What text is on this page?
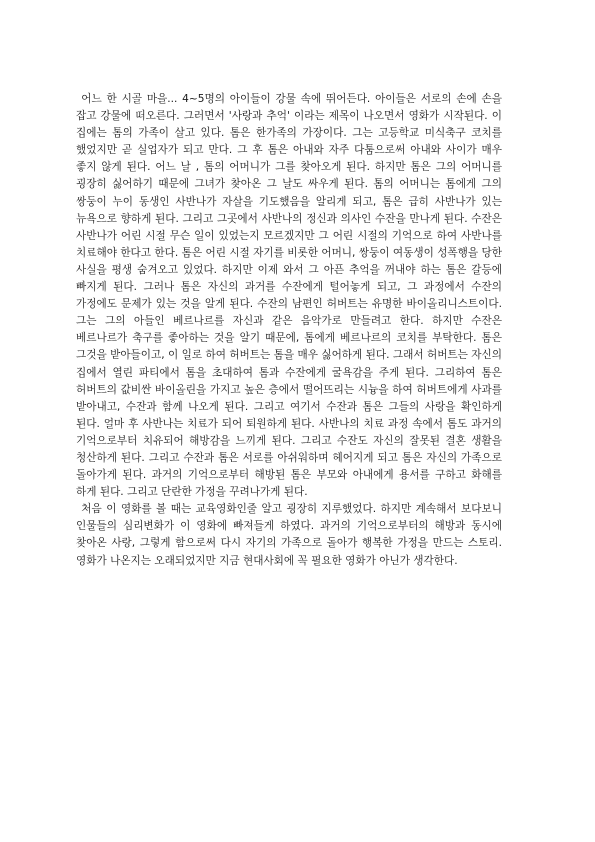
어느 한 시골 마을... 4~5명의 아이들이 강물 속에 뛰어든다. 아이들은 서로의 손에 손을 잡고 강물에 떠오른다. 그러면서 '사랑과 추억' 이라는 제목이 나오면서 영화가 시작된다. 이 집에는 톰의 가족이 살고 있다. 톰은 한가족의 가장이다. 그는 고등학교 미식축구 코치를 했었지만 곧 실업자가 되고 만다. 그 후 톰은 아내와 자주 다툼으로써 아내와 사이가 매우 좋지 않게 된다. 어느 날 , 톰의 어머니가 그를 찾아오게 된다. 하지만 톰은 그의 어머니를 굉장히 싫어하기 때문에 그녀가 찾아온 그 날도 싸우게 된다. 톰의 어머니는 톰에게 그의 쌍둥이 누이 동생인 사반나가 자살을 기도했음을 알리게 되고, 톰은 급히 사반나가 있는 뉴욕으로 향하게 된다. 그리고 그곳에서 사반나의 정신과 의사인 수잔을 만나게 된다. 수잔은 사반나가 어린 시절 무슨 일이 있었는지 모르겠지만 그 어린 시절의 기억으로 하여 사반나를 치료해야 한다고 한다. 톰은 어린 시절 자기를 비롯한 어머니, 쌍둥이 여동생이 성폭행을 당한 사실을 평생 숨겨오고 있었다. 하지만 이제 와서 그 아픈 추억을 꺼내야 하는 톰은 갈등에 빠지게 된다. 그러나 톰은 자신의 과거를 수잔에게 털어놓게 되고, 그 과정에서 수잔의 가정에도 문제가 있는 것을 알게 된다. 수잔의 남편인 허버트는 유명한 바이올리니스트이다. 그는 그의 아들인 베르나르를 자신과 같은 음악가로 만들려고 한다. 하지만 수잔은 베르나르가 축구를 좋아하는 것을 알기 때문에, 톰에게 베르나르의 코치를 부탁한다. 톰은 그것을 받아들이고, 이 일로 하여 허버트는 톰을 매우 싫어하게 된다. 그래서 허버트는 자신의 집에서 열린 파티에서 톰을 초대하여 톰과 수잔에게 굴욕감을 주게 된다. 그리하여 톰은 허버트의 값비싼 바이올린을 가지고 높은 층에서 떨어뜨리는 시늉을 하여 허버트에게 사과를 받아내고, 수잔과 함께 나오게 된다. 그리고 여기서 수잔과 톰은 그들의 사랑을 확인하게 된다. 얼마 후 사반나는 치료가 되어 퇴원하게 된다. 사반나의 치료 과정 속에서 톰도 과거의 기억으로부터 치유되어 해방감을 느끼게 된다. 그리고 수잔도 자신의 잘못된 결혼 생활을 청산하게 된다. 그리고 수잔과 톰은 서로를 아쉬워하며 헤어지게 되고 톰은 자신의 가족으로 돌아가게 된다. 과거의 기억으로부터 해방된 톰은 부모와 아내에게 용서를 구하고 화해를 하게 된다. 그리고 단란한 가정을 꾸려나가게 된다.

처음 이 영화를 볼 때는 교육영화인줄 알고 굉장히 지루했었다. 하지만 계속해서 보다보니 인물들의 심리변화가 이 영화에 빠져들게 하였다. 과거의 기억으로부터의 해방과 동시에 찾아온 사랑, 그렇게 함으로써 다시 자기의 가족으로 돌아가 행복한 가정을 만드는 스토리. 영화가 나온지는 오래되었지만 지금 현대사회에 꼭 필요한 영화가 아닌가 생각한다.
